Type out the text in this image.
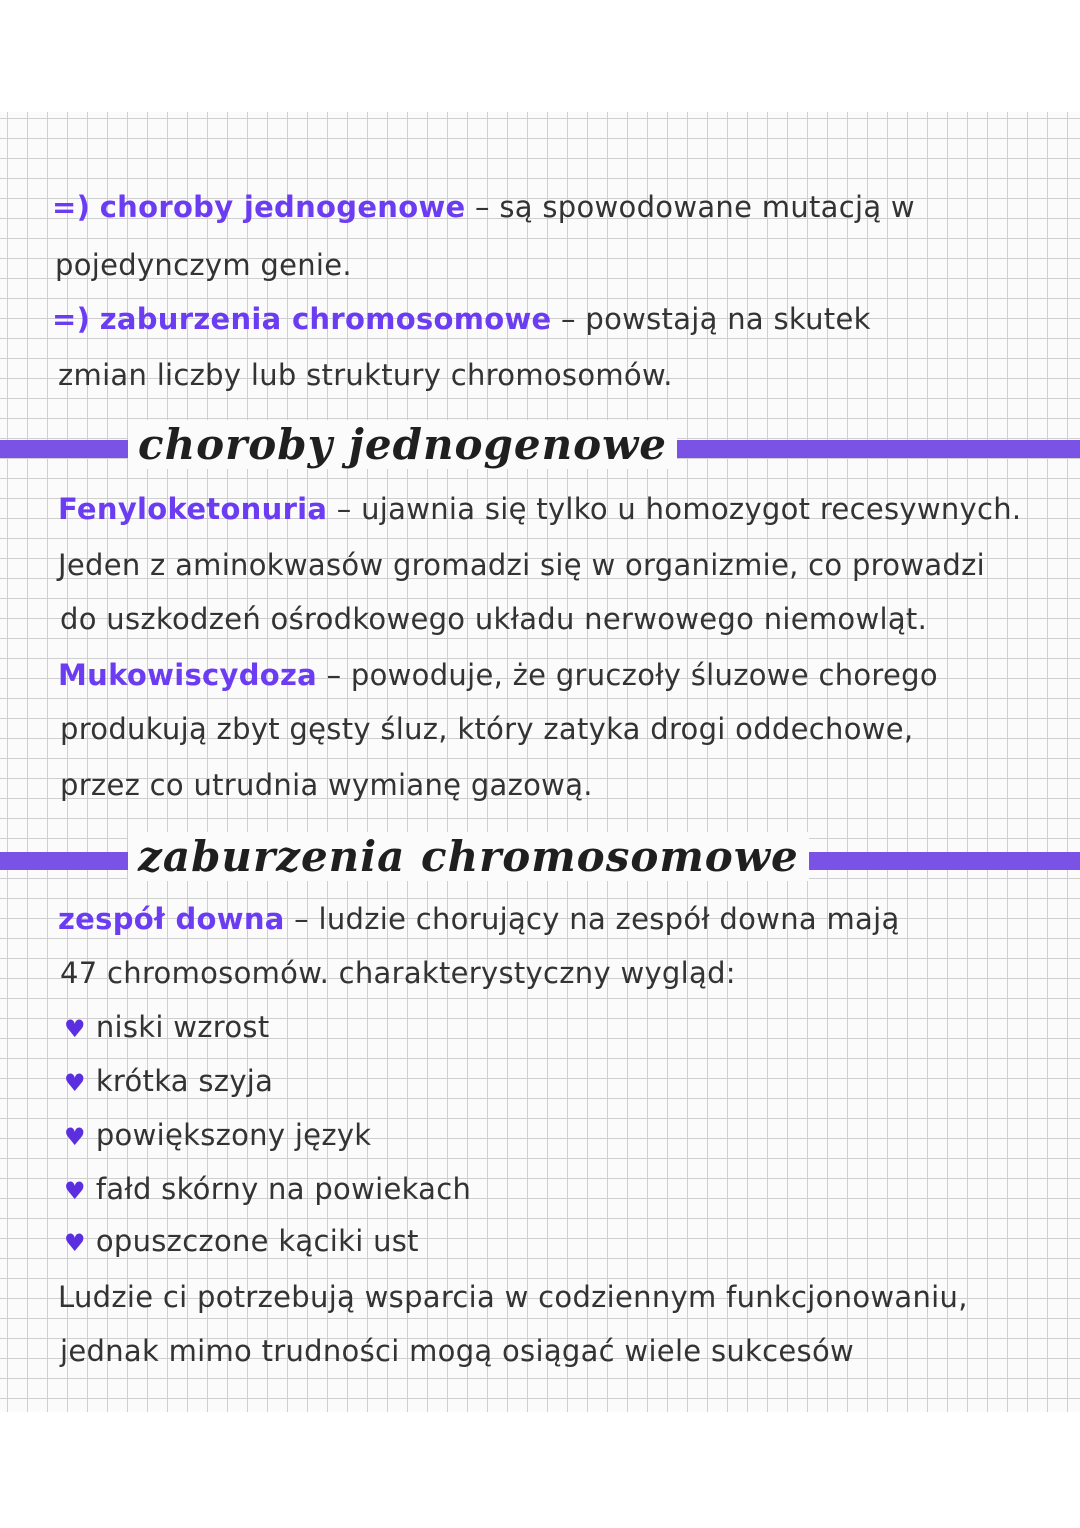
=) choroby jednogenowe – są spowodowane mutacją w
pojedynczym genie.
=) zaburzenia chromosomowe – powstają na skutek
zmian liczby lub struktury chromosomów.
choroby jednogenowe
Fenyloketonuria – ujawnia się tylko u homozygot recesywnych.
Jeden z aminokwasów gromadzi się w organizmie, co prowadzi
do uszkodzeń ośrodkowego układu nerwowego niemowląt.
Mukowiscydoza – powoduje, że gruczoły śluzowe chorego
produkują zbyt gęsty śluz, który zatyka drogi oddechowe,
przez co utrudnia wymianę gazową.
zaburzenia chromosomowe
zespół downa – ludzie chorujący na zespół downa mają
47 chromosomów. charakterystyczny wygląd:
♥ niski wzrost
♥ krótka szyja
♥ powiększony język
♥ fałd skórny na powiekach
♥ opuszczone kąciki ust
Ludzie ci potrzebują wsparcia w codziennym funkcjonowaniu,
jednak mimo trudności mogą osiągać wiele sukcesów
